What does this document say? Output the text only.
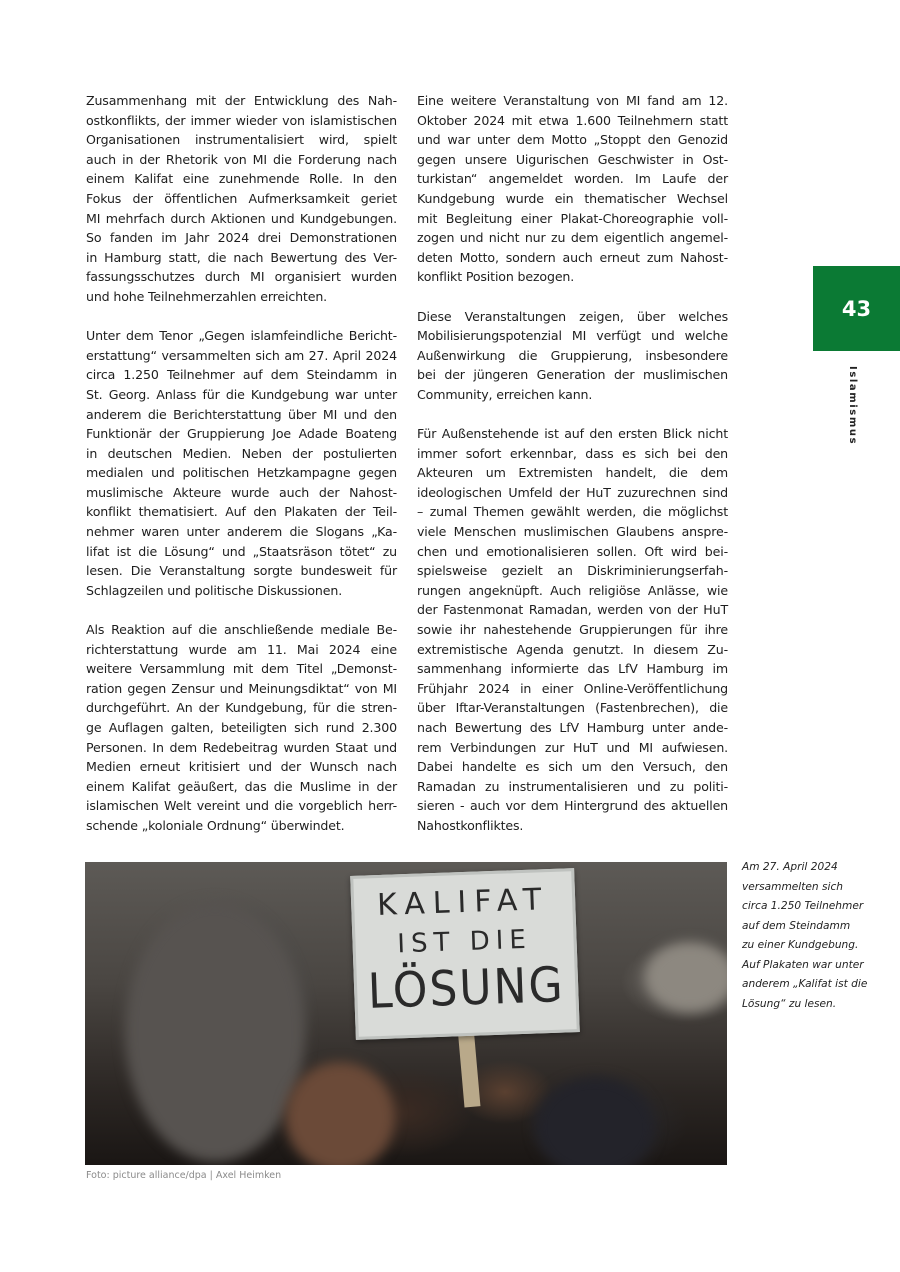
Zusammenhang mit der Entwicklung des Nah-
ostkonflikts, der immer wieder von islamistischen
Organisationen instrumentalisiert wird, spielt
auch in der Rhetorik von MI die Forderung nach
einem Kalifat eine zunehmende Rolle. In den
Fokus der öffentlichen Aufmerksamkeit geriet
MI mehrfach durch Aktionen und Kundgebungen.
So fanden im Jahr 2024 drei Demonstrationen
in Hamburg statt, die nach Bewertung des Ver-
fassungsschutzes durch MI organisiert wurden
und hohe Teilnehmerzahlen erreichten.
Unter dem Tenor „Gegen islamfeindliche Bericht-
erstattung“ versammelten sich am 27. April 2024
circa 1.250 Teilnehmer auf dem Steindamm in
St. Georg. Anlass für die Kundgebung war unter
anderem die Berichterstattung über MI und den
Funktionär der Gruppierung Joe Adade Boateng
in deutschen Medien. Neben der postulierten
medialen und politischen Hetzkampagne gegen
muslimische Akteure wurde auch der Nahost-
konflikt thematisiert. Auf den Plakaten der Teil-
nehmer waren unter anderem die Slogans „Ka-
lifat ist die Lösung“ und „Staatsräson tötet“ zu
lesen. Die Veranstaltung sorgte bundesweit für
Schlagzeilen und politische Diskussionen.
Als Reaktion auf die anschließende mediale Be-
richterstattung wurde am 11. Mai 2024 eine
weitere Versammlung mit dem Titel „Demonst-
ration gegen Zensur und Meinungsdiktat“ von MI
durchgeführt. An der Kundgebung, für die stren-
ge Auflagen galten, beteiligten sich rund 2.300
Personen. In dem Redebeitrag wurden Staat und
Medien erneut kritisiert und der Wunsch nach
einem Kalifat geäußert, das die Muslime in der
islamischen Welt vereint und die vorgeblich herr-
schende „koloniale Ordnung“ überwindet.
Eine weitere Veranstaltung von MI fand am 12.
Oktober 2024 mit etwa 1.600 Teilnehmern statt
und war unter dem Motto „Stoppt den Genozid
gegen unsere Uigurischen Geschwister in Ost-
turkistan“ angemeldet worden. Im Laufe der
Kundgebung wurde ein thematischer Wechsel
mit Begleitung einer Plakat-Choreographie voll-
zogen und nicht nur zu dem eigentlich angemel-
deten Motto, sondern auch erneut zum Nahost-
konflikt Position bezogen.
Diese Veranstaltungen zeigen, über welches
Mobilisierungspotenzial MI verfügt und welche
Außenwirkung die Gruppierung, insbesondere
bei der jüngeren Generation der muslimischen
Community, erreichen kann.
Für Außenstehende ist auf den ersten Blick nicht
immer sofort erkennbar, dass es sich bei den
Akteuren um Extremisten handelt, die dem
ideologischen Umfeld der HuT zuzurechnen sind
– zumal Themen gewählt werden, die möglichst
viele Menschen muslimischen Glaubens anspre-
chen und emotionalisieren sollen. Oft wird bei-
spielsweise gezielt an Diskriminierungserfah-
rungen angeknüpft. Auch religiöse Anlässe, wie
der Fastenmonat Ramadan, werden von der HuT
sowie ihr nahestehende Gruppierungen für ihre
extremistische Agenda genutzt. In diesem Zu-
sammenhang informierte das LfV Hamburg im
Frühjahr 2024 in einer Online-Veröffentlichung
über Iftar-Veranstaltungen (Fastenbrechen), die
nach Bewertung des LfV Hamburg unter ande-
rem Verbindungen zur HuT und MI aufwiesen.
Dabei handelte es sich um den Versuch, den
Ramadan zu instrumentalisieren und zu politi-
sieren - auch vor dem Hintergrund des aktuellen
Nahostkonfliktes.
43
Islamismus
KALIFAT
IST DIE
LÖSUNG
Foto: picture alliance/dpa | Axel Heimken
Am 27. April 2024
versammelten sich
circa 1.250 Teilnehmer
auf dem Steindamm
zu einer Kundgebung.
Auf Plakaten war unter
anderem „Kalifat ist die
Lösung“ zu lesen.
